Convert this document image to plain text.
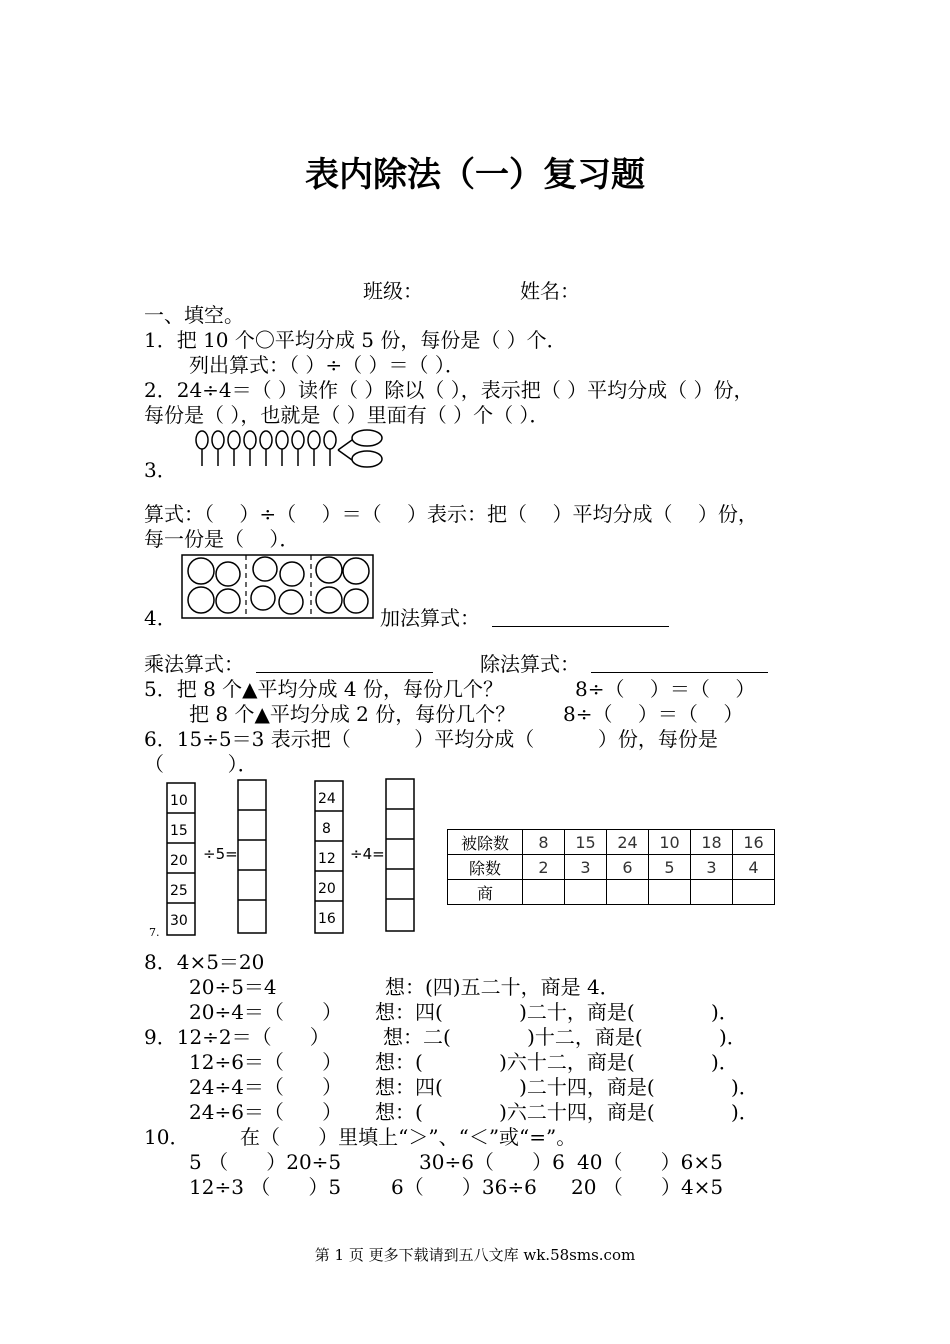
表内除法（一）复习题
班级：	姓名：
一、填空。
1．把 10 个〇平均分成 5 份，每份是（ ）个．
列出算式：（ ）÷（ ）＝（ ）．
2．24÷4＝（ ）读作（ ）除以（ ），表示把（ ）平均分成（ ）份，
每份是（ ），也就是（ ）里面有（ ）个（ ）．
3．
算式：（    ）÷（    ）＝（    ）表示：把（    ）平均分成（    ）份，
每一份是（    ）．
4．	加法算式：
乘法算式：	除法算式：
5．把 8 个▲平均分成 4 份，每份几个？	8÷（    ）＝（    ）
把 8 个▲平均分成 2 份，每份几个？ 8÷（    ）＝（    ）
6．15÷5＝3 表示把（          ）平均分成（          ）份，每份是
（          ）．
10
15
20
25
30
÷5=
24
8
12
20
16
÷4=
7.
被除数	8	15	24	10	18	16
除数	2	3	6	5	3	4
商						
8．4×5＝20
20÷5＝4	想：(四)五二十，商是 4．
20÷4＝（      ） 想：四(            )二十，商是(            )．
9．12÷2＝（      ）	想：二(            )十二，商是(            )．
12÷6＝（      ） 想：(            )六十二，商是(            )．
24÷4＝（      ） 想：四(            )二十四，商是(            )．
24÷6＝（      ） 想：(            )六二十四，商是(            )．
10．	在（      ）里填上“＞”、“＜”或“=”。
5 （      ）20÷5	30÷6（      ）6 40（      ）6×5
12÷3 （      ）5 6（      ）36÷6 20 （      ）4×5
第 1 页 更多下载请到五八文库 wk.58sms.com
